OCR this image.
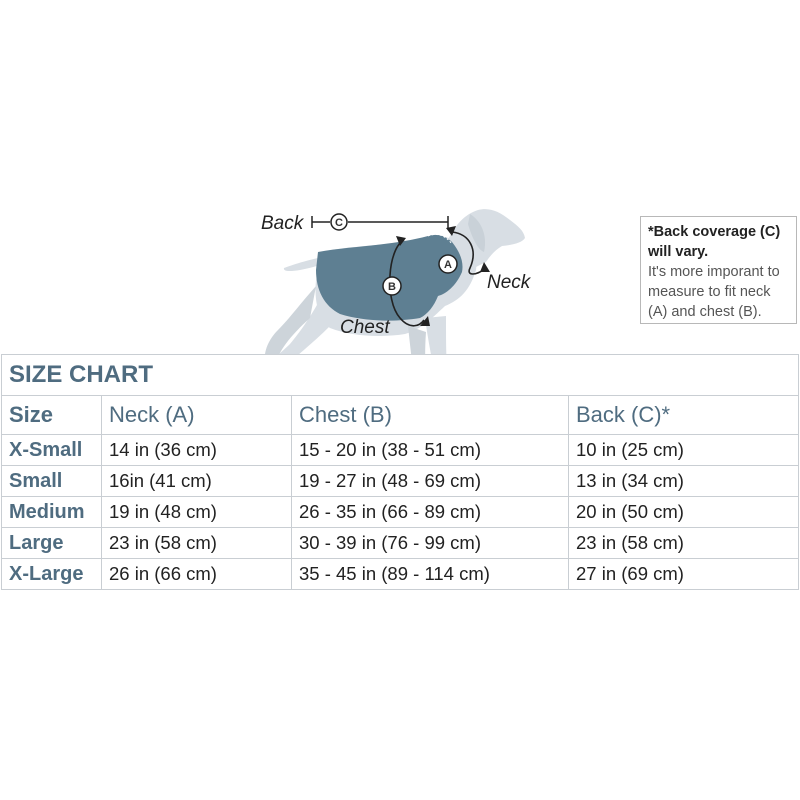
C
Back
B
Chest
A
Neck
*Back coverage (C) will vary.
It's more imporant to measure to fit neck (A) and chest (B).
SIZE CHART			
Size	Neck (A)	Chest (B)	Back (C)*
X-Small	14 in (36 cm)	15 - 20 in (38 - 51 cm)	10 in (25 cm)
Small	16in (41 cm)	19 - 27 in (48 - 69 cm)	13 in (34 cm)
Medium	19 in (48 cm)	26 - 35 in (66 - 89 cm)	20 in (50 cm)
Large	23 in (58 cm)	30 - 39 in (76 - 99 cm)	23 in (58 cm)
X-Large	26 in (66 cm)	35 - 45 in (89 - 114 cm)	27 in (69 cm)
